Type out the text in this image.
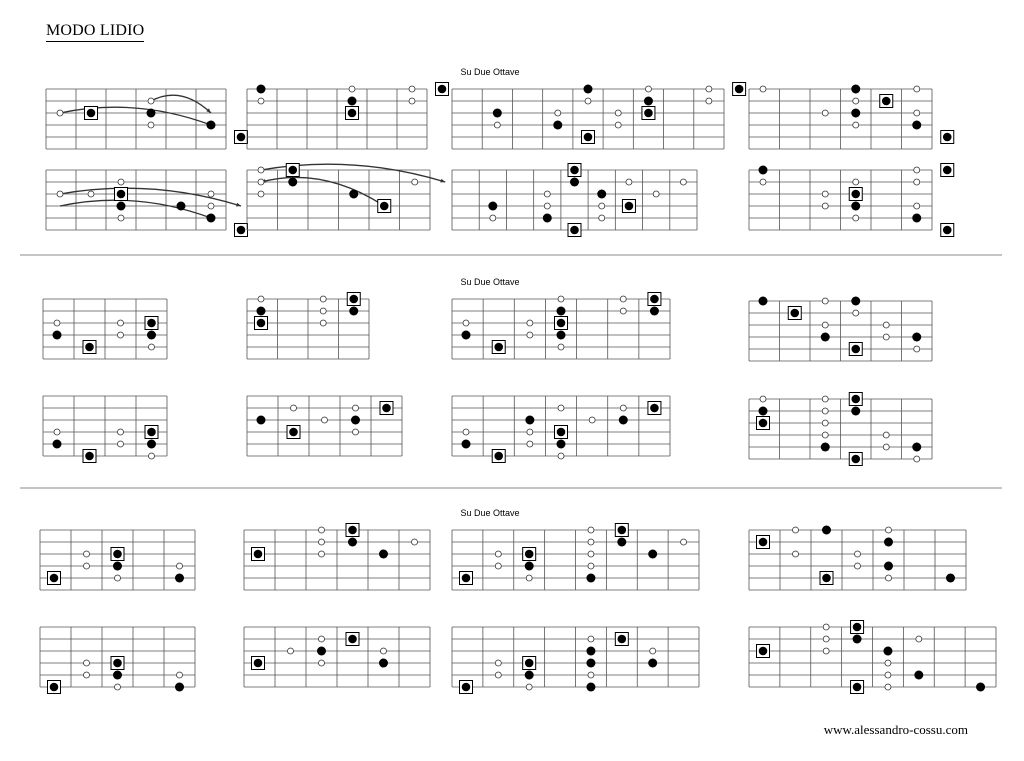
MODO LIDIO
Su Due Ottave
Su Due Ottave
Su Due Ottave
www.alessandro-cossu.com
